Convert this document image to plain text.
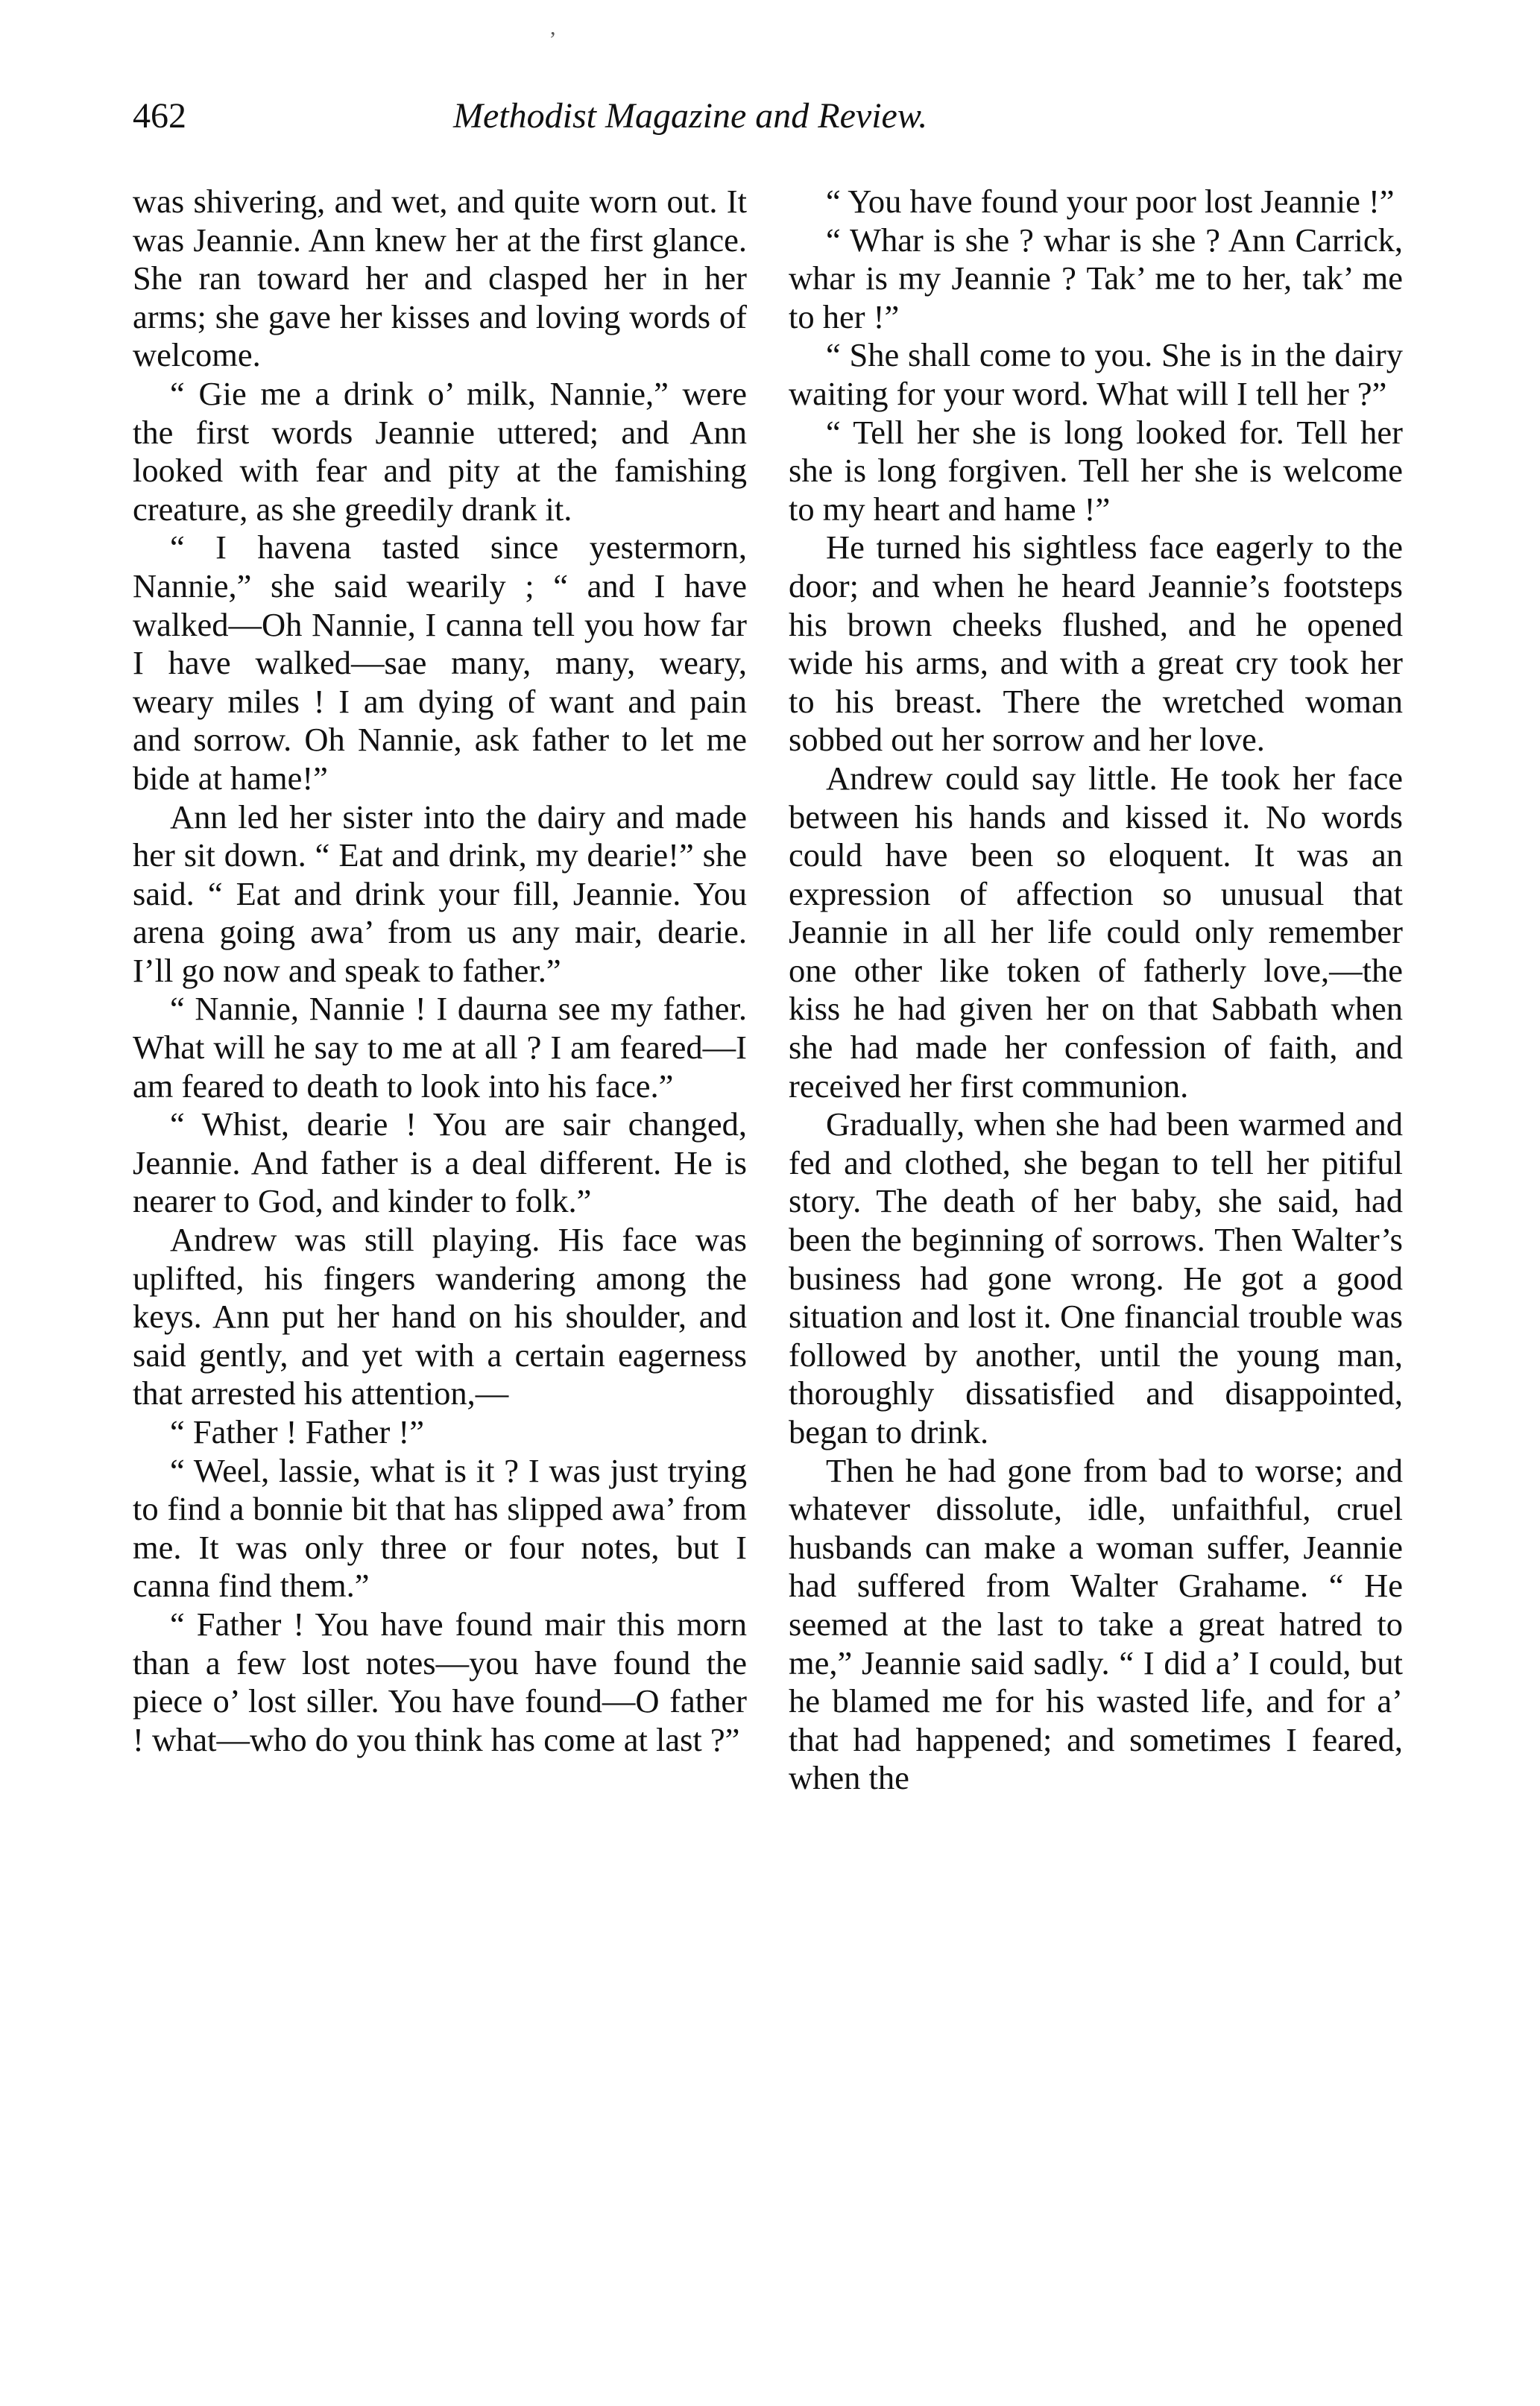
,
462	Methodist Magazine and Review.

was shivering, and wet, and quite worn out. It was Jeannie. Ann knew her at the first glance. She ran toward her and clasped her in her arms; she gave her kisses and loving words of welcome.

“ Gie me a drink o’ milk, Nannie,” were the first words Jeannie uttered; and Ann looked with fear and pity at the famishing creature, as she greedily drank it.

“ I havena tasted since yestermorn, Nannie,” she said wearily ; “ and I have walked—Oh Nannie, I canna tell you how far I have walked—sae many, many, weary, weary miles ! I am dying of want and pain and sorrow. Oh Nannie, ask father to let me bide at hame!”

Ann led her sister into the dairy and made her sit down. “ Eat and drink, my dearie!” she said. “ Eat and drink your fill, Jeannie. You arena going awa’ from us any mair, dearie. I’ll go now and speak to father.”

“ Nannie, Nannie ! I daurna see my father. What will he say to me at all ? I am feared—I am feared to death to look into his face.”

“ Whist, dearie ! You are sair changed, Jeannie. And father is a deal different. He is nearer to God, and kinder to folk.”

Andrew was still playing. His face was uplifted, his fingers wandering among the keys. Ann put her hand on his shoulder, and said gently, and yet with a certain eagerness that arrested his attention,—

“ Father ! Father !”

“ Weel, lassie, what is it ? I was just trying to find a bonnie bit that has slipped awa’ from me. It was only three or four notes, but I canna find them.”

“ Father ! You have found mair this morn than a few lost notes—you have found the piece o’ lost siller. You have found—O father ! what—who do you think has come at last ?”

“ You have found your poor lost Jeannie !”

“ Whar is she ? whar is she ? Ann Carrick, whar is my Jeannie ? Tak’ me to her, tak’ me to her !”

“ She shall come to you. She is in the dairy waiting for your word. What will I tell her ?”

“ Tell her she is long looked for. Tell her she is long forgiven. Tell her she is welcome to my heart and hame !”

He turned his sightless face eagerly to the door; and when he heard Jeannie’s footsteps his brown cheeks flushed, and he opened wide his arms, and with a great cry took her to his breast. There the wretched woman sobbed out her sorrow and her love.

Andrew could say little. He took her face between his hands and kissed it. No words could have been so eloquent. It was an expression of affection so unusual that Jeannie in all her life could only remember one other like token of fatherly love,—the kiss he had given her on that Sabbath when she had made her confession of faith, and received her first communion.

Gradually, when she had been warmed and fed and clothed, she began to tell her pitiful story. The death of her baby, she said, had been the beginning of sorrows. Then Walter’s business had gone wrong. He got a good situation and lost it. One financial trouble was followed by another, until the young man, thoroughly dissatisfied and disappointed, began to drink.

Then he had gone from bad to worse; and whatever dissolute, idle, unfaithful, cruel husbands can make a woman suffer, Jeannie had suffered from Walter Grahame. “ He seemed at the last to take a great hatred to me,” Jeannie said sadly. “ I did a’ I could, but he blamed me for his wasted life, and for a’ that had happened; and sometimes I feared, when the
